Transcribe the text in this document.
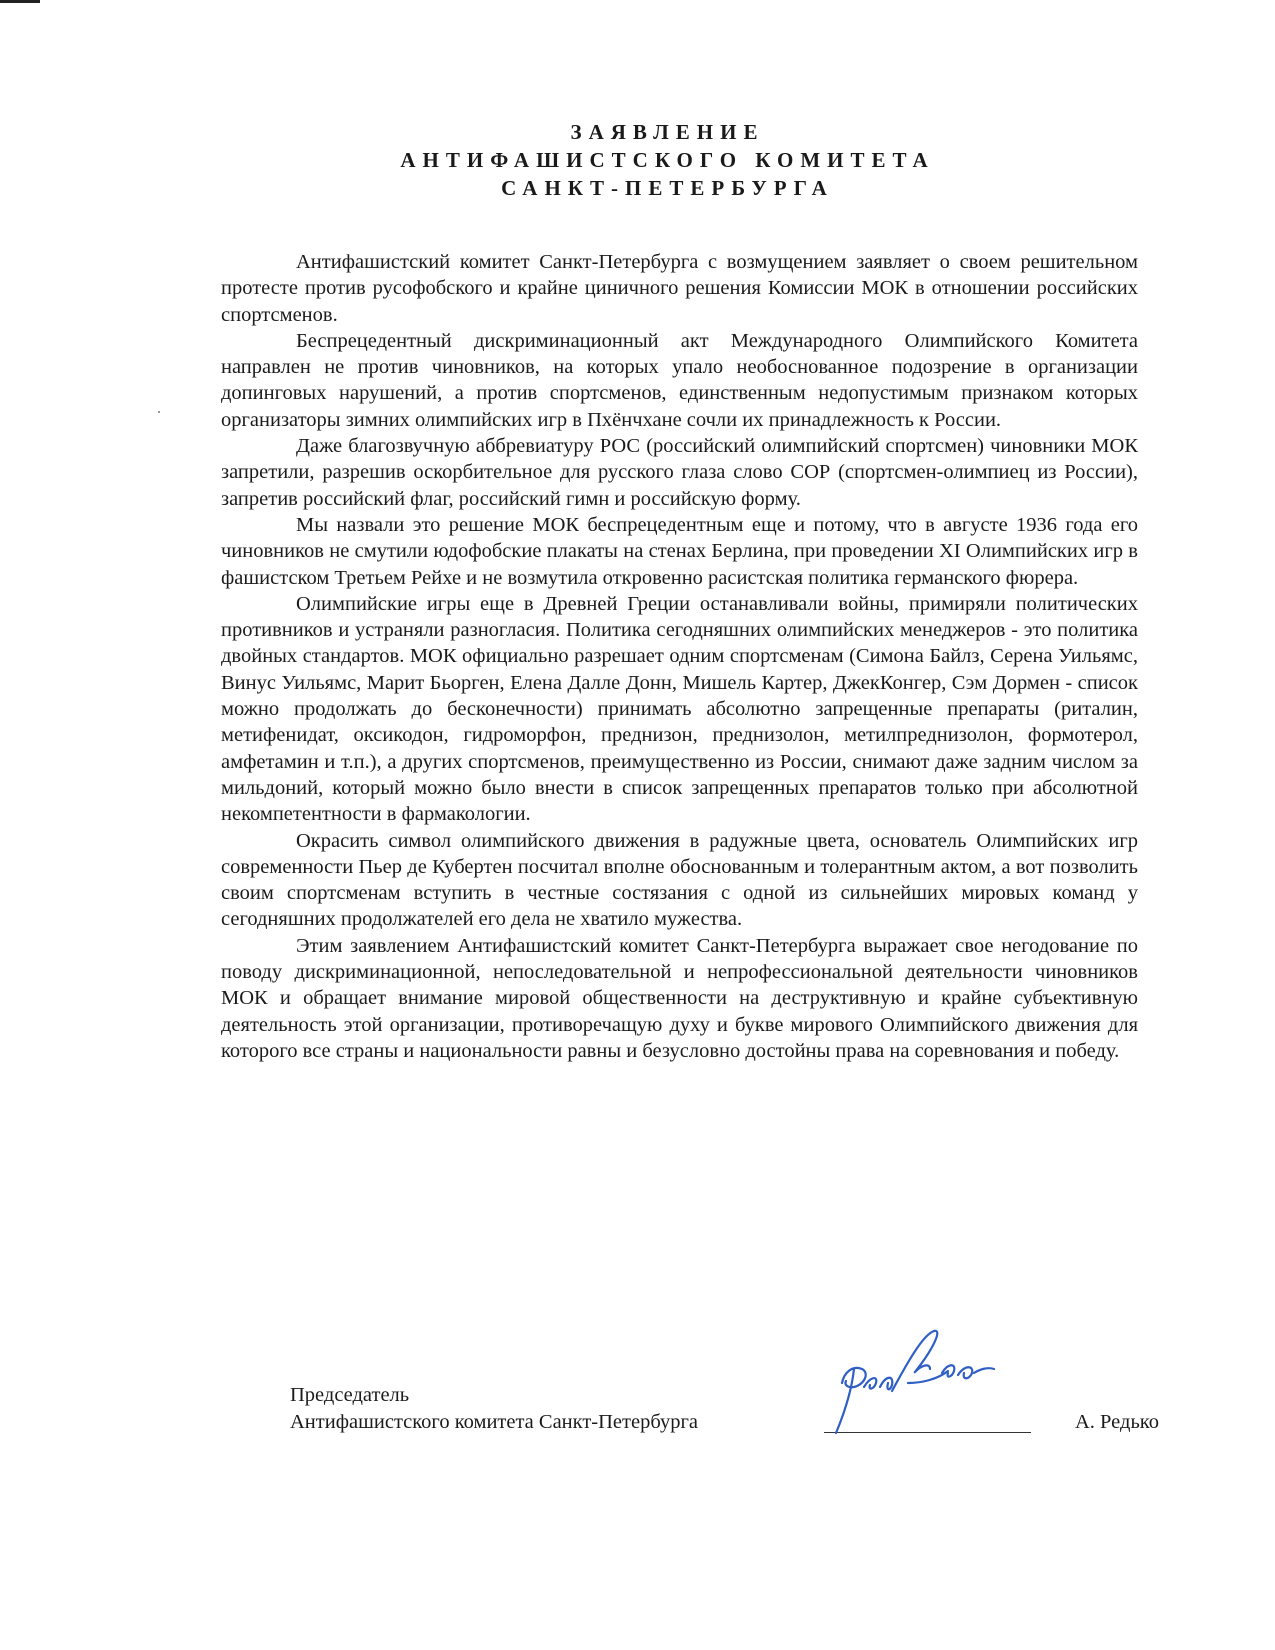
ЗАЯВЛЕНИЕ
АНТИФАШИСТСКОГО КОМИТЕТА
САНКТ-ПЕТЕРБУРГА

Антифашистский комитет Санкт-Петербурга с возмущением заявляет о своем решительном протесте против русофобского и крайне циничного решения Комиссии МОК в отношении российских спортсменов.

Беспрецедентный дискриминационный акт Международного Олимпийского Комитета направлен не против чиновников, на которых упало необоснованное подозрение в организации допинговых нарушений, а против спортсменов, единственным недопустимым признаком которых организаторы зимних олимпийских игр в Пхёнчхане сочли их принадлежность к России.

Даже благозвучную аббревиатуру РОС (российский олимпийский спортсмен) чиновники МОК запретили, разрешив оскорбительное для русского глаза слово СОР (спортсмен-олимпиец из России), запретив российский флаг, российский гимн и российскую форму.

Мы назвали это решение МОК беспрецедентным еще и потому, что в августе 1936 года его чиновников не смутили юдофобские плакаты на стенах Берлина, при проведении XI Олимпийских игр в фашистском Третьем Рейхе и не возмутила откровенно расистская политика германского фюрера.

Олимпийские игры еще в Древней Греции останавливали войны, примиряли политических противников и устраняли разногласия. Политика сегодняшних олимпийских менеджеров - это политика двойных стандартов. МОК официально разрешает одним спортсменам (Симона Байлз, Серена Уильямс, Винус Уильямс, Марит Бьорген, Елена Далле Донн, Мишель Картер, ДжекКонгер, Сэм Дормен - список можно продолжать до бесконечности) принимать абсолютно запрещенные препараты (риталин, метифенидат, оксикодон, гидроморфон, преднизон, преднизолон, метилпреднизолон, формотерол, амфетамин и т.п.), а других спортсменов, преимущественно из России, снимают даже задним числом за мильдоний, который можно было внести в список запрещенных препаратов только при абсолютной некомпетентности в фармакологии.

Окрасить символ олимпийского движения в радужные цвета, основатель Олимпийских игр современности Пьер де Кубертен посчитал вполне обоснованным и толерантным актом, а вот позволить своим спортсменам вступить в честные состязания с одной из сильнейших мировых команд у сегодняшних продолжателей его дела не хватило мужества.

Этим заявлением Антифашистский комитет Санкт-Петербурга выражает свое негодование по поводу дискриминационной, непоследовательной и непрофессиональной деятельности чиновников МОК и обращает внимание мировой общественности на деструктивную и крайне субъективную деятельность этой организации, противоречащую духу и букве мирового Олимпийского движения для которого все страны и национальности равны и безусловно достойны права на соревнования и победу.

Председатель
Антифашистского комитета Санкт-Петербурга	А. Редько
